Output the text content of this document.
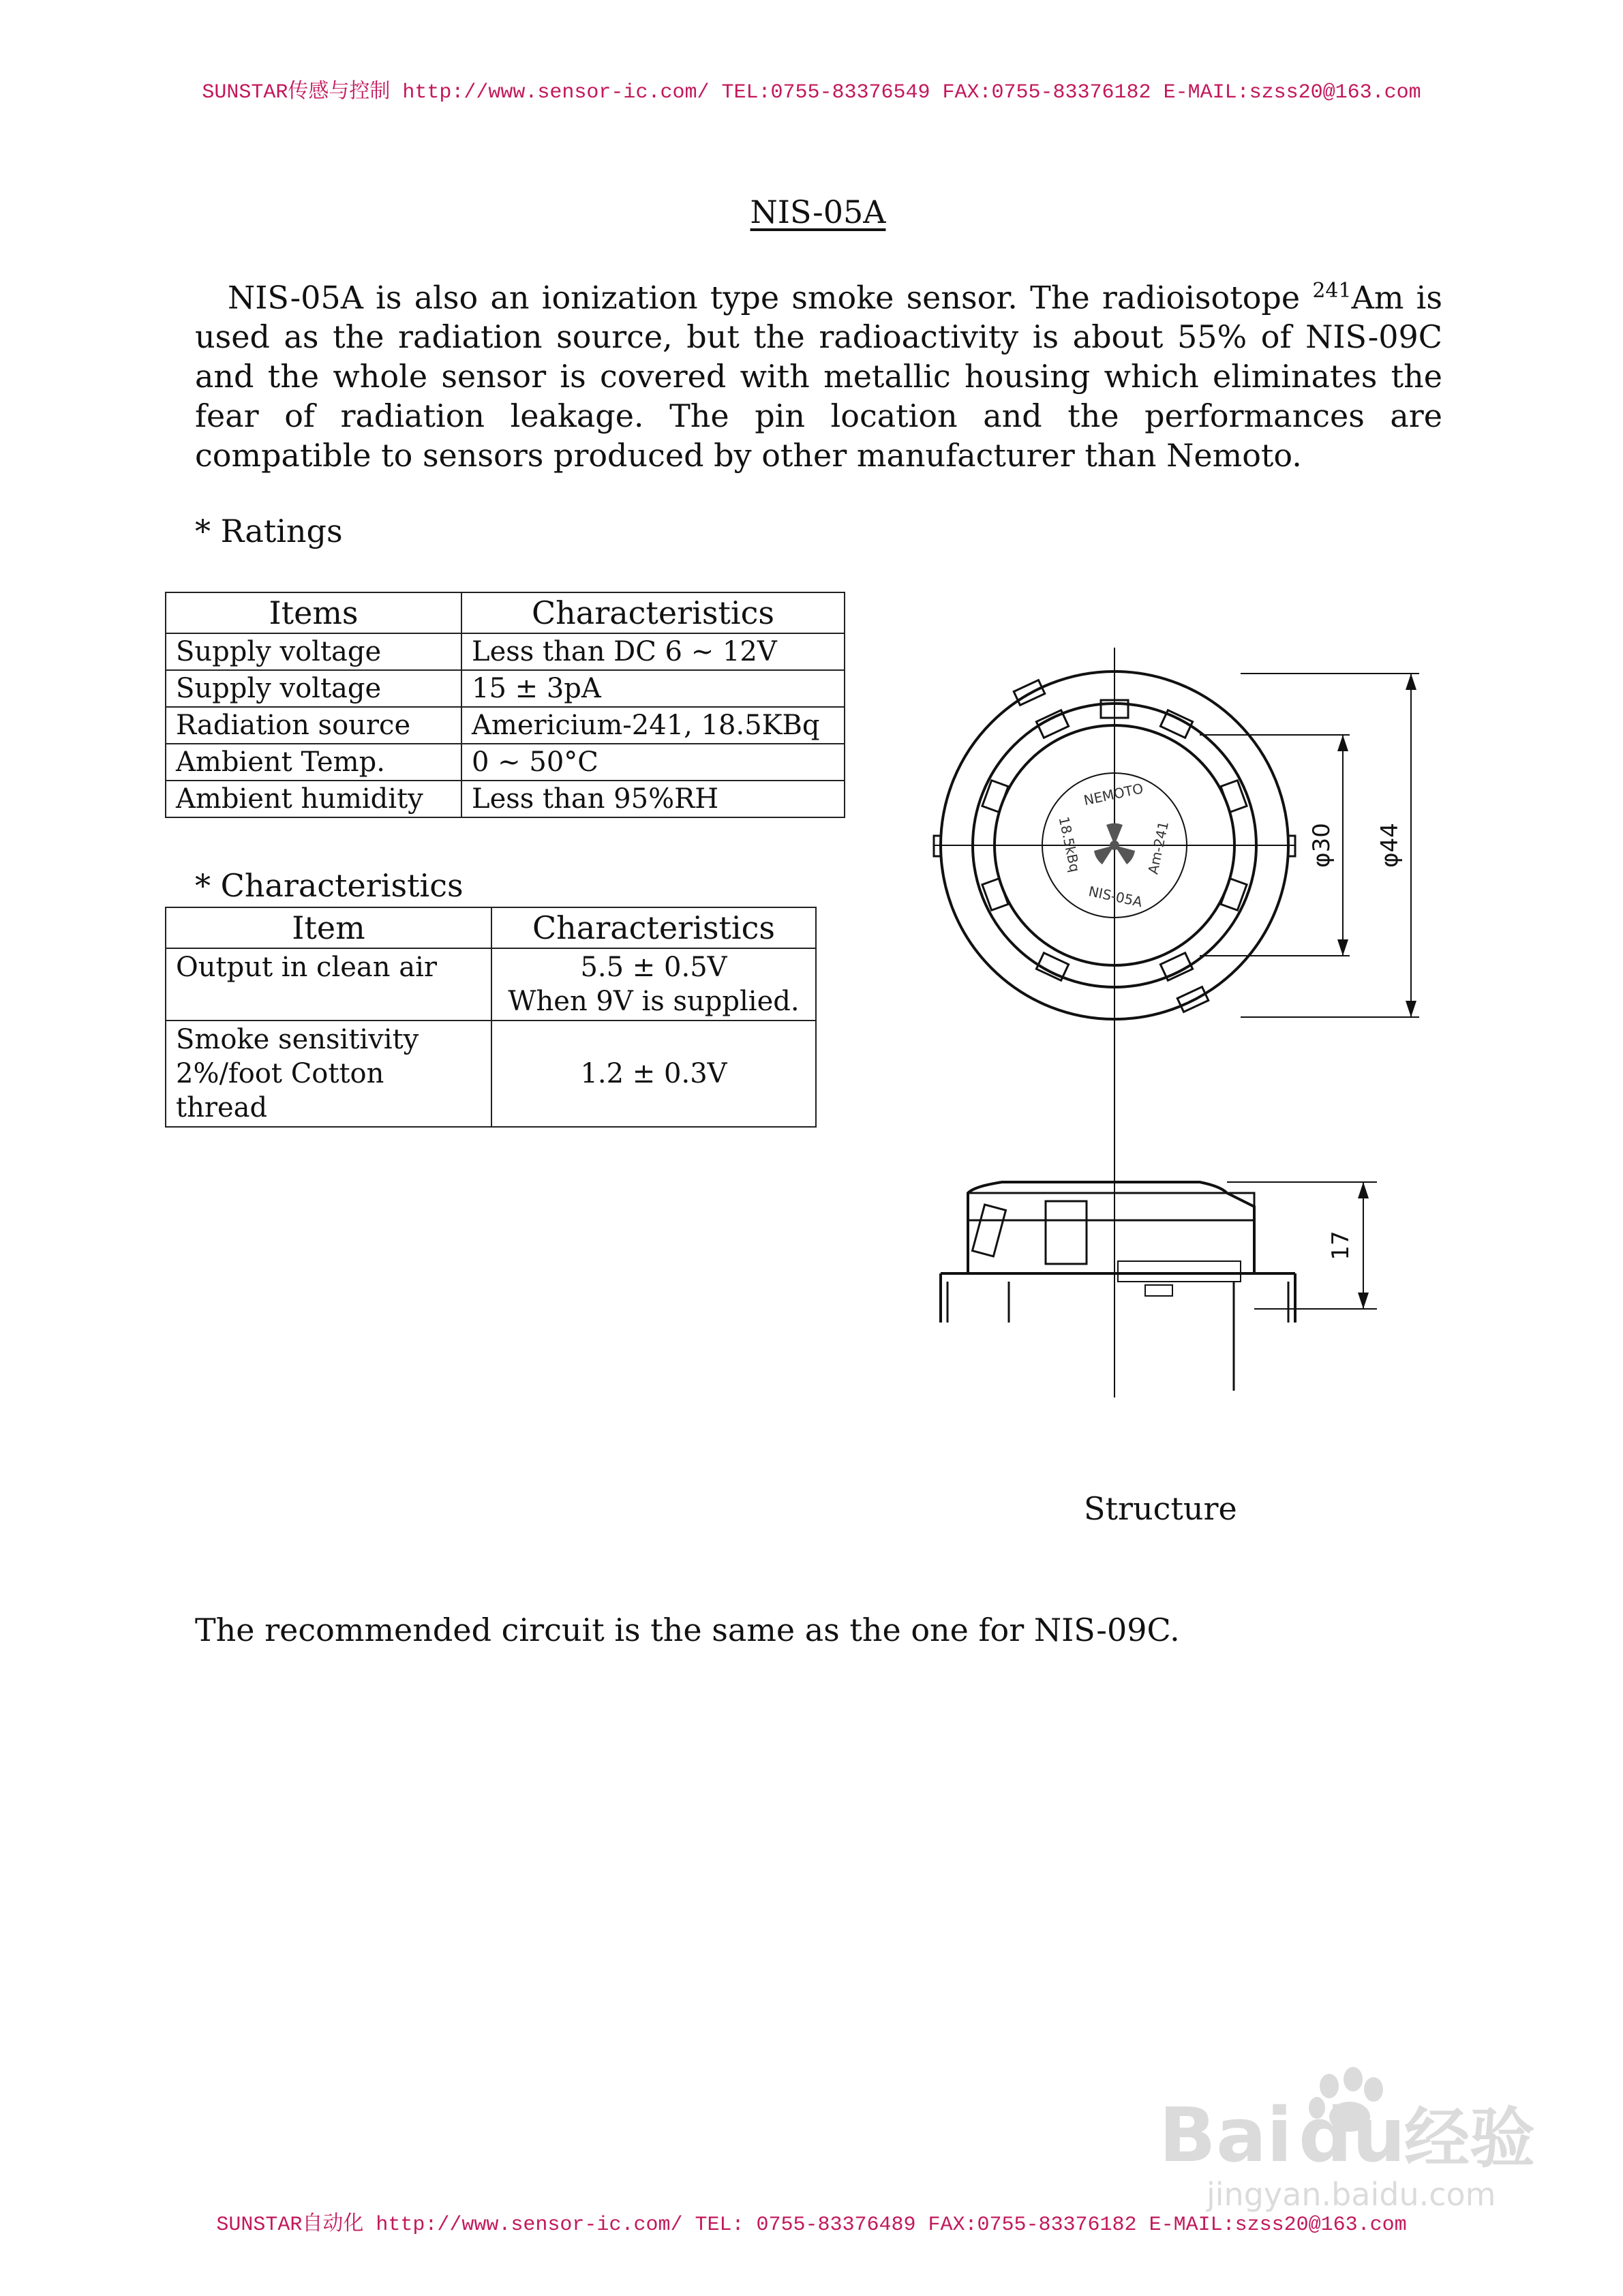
SUNSTAR传感与控制 http://www.sensor-ic.com/ TEL:0755-83376549 FAX:0755-83376182 E-MAIL:szss20@163.com
NIS-05A

NIS-05A is also an ionization type smoke sensor. The radioisotope $^{241}$Am is used as the radiation source, but the radioactivity is about 55% of NIS-09C and the whole sensor is covered with metallic housing which eliminates the fear of radiation leakage. The pin location and the performances are compatible to sensors produced by other manufacturer than Nemoto.

* Ratings

Items	Characteristics
Supply voltage	Less than DC 6 ~ 12V
Supply voltage	15 ± 3pA
Radiation source	Americium-241, 18.5KBq
Ambient Temp.	0 ~ 50°C
Ambient humidity	Less than 95%RH

* Characteristics

Item	Characteristics
Output in clean air	5.5 ± 0.5V
When 9V is supplied.

Smoke sensitivity
2%/foot Cotton thread	1.2 ± 0.3V
NEMOTO
NIS-05A
18.5kBq	Am-241	φ30 φ44
17

Structure

The recommended circuit is the same as the one for NIS-09C.

Bai du
经验
jingyan.baidu.com
SUNSTAR自动化 http://www.sensor-ic.com/ TEL: 0755-83376489 FAX:0755-83376182 E-MAIL:szss20@163.com
